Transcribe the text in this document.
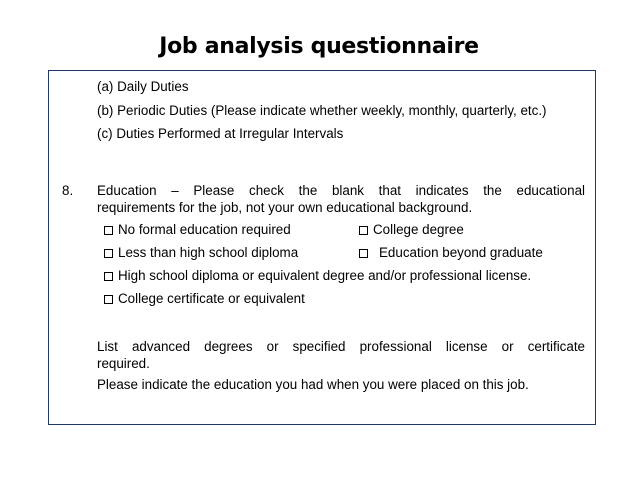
Job analysis questionnaire
(a) Daily Duties
(b) Periodic Duties (Please indicate whether weekly, monthly, quarterly, etc.)
(c) Duties Performed at Irregular Intervals
8. Education – Please check the blank that indicates the educational
requirements for the job, not your own educational background.
No formal education required	College degree
Less than high school diploma	Education beyond graduate
High school diploma or equivalent degree and/or professional license.
College certificate or equivalent
List advanced degrees or specified professional license or certificate
required.
Please indicate the education you had when you were placed on this job.
